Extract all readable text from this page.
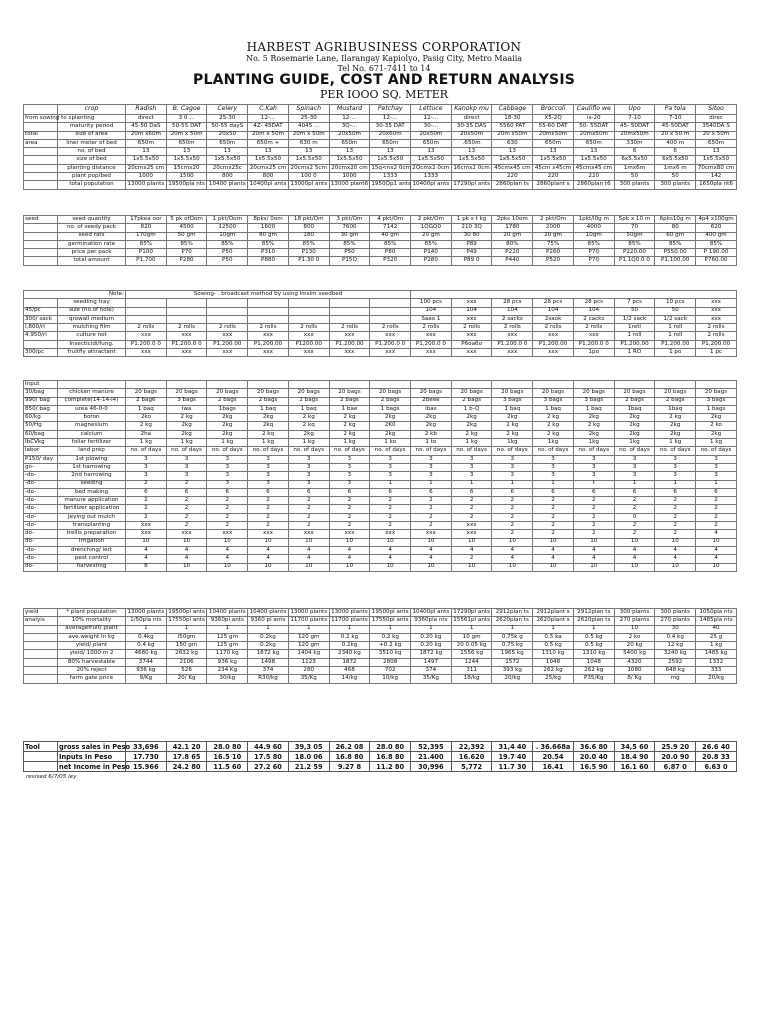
HARBEST AGRIBUSINESS CORPORATION
No. 5 Rosemarie Lane, Ilarangay Kapiolyo, Pasig City, Metro Maaiia
Tel No. 671-7411 to 14
PLANTING GUIDE, COST AND RETURN ANALYSIS
PER IOOO SQ. METER
	crop	Radish	B. Cagoe	Celery	C.Kah	Spinach	Mustard	Petchay	Lettuce	Kanokp mu	Cabbage	Broccoli	Cauliflo we	Upo	Pa tola	Sitoo
from sowing to splanting		direct	3 0 ...	25-30	12-...	25-30	12-...	12-...	12-...	direct	18-30	X5-2Q	is-20	7-10	7-10	direc
	maturity period	45-50 DaS	50-55 DAT	50-55 dayS	4Z- 45DAT	4045 ...	3Q-...	30-35 DAT	30-...	30-35 DAS	5560 PAT	55-60 DAT	50- 55DAT	45- 50DAT	45-50DAT	3540DA S
total	size of area	20m x60m	20m x 50m	20x50	20m x 50m	20m x 50m	20x50m	20x60m	20x50m	20x50m	20m x50m	20mx50m	20mx50m	20mx50m	20 x 50 m	20 x 50m
area	liner meter of bed	650m	650m	650m	650m +	630 m	650m	650m	650m	.650m	630	650m	650m	330m	400 m	650m
	no. of bed	13	13	13	13	13	13	13	13	13	13	13	13	6	6	13
	size of bed	1x5.5x50	1x5.5x50	1x5.5x50	1x5.5x50	1x5.5x50	1x5.5x50	1x5.5x50	1x5.5x50	1x5.5x50	1x5.5x50	1x5.5x50	1x5.5x50	6x5.5x50	6x5.5x50	1x5.5x50
	planting distance	20cmx25 cm	15cmx20	20cmx25c	20cmx25 cm	20cmx2 5cm	20cmx20 cm	15q<nx2 0cm	2Qcmx2 0cm	16cmx2 0cm	45cmx45 cm	45cm x45cm	45cmx45 cm	1mx6m	1mx6 m	70cmx80 cm
	plant pop/bed	1000	1500	800	800	100 0	1000	1333	1333		220	220	220	50	50	142
	total population	13000 plants	19500pla nts	10400 plants	10400pl ants	13000pl ants	13000 plant6	1950Qp1 ants	10400pl ants	17290pl ants	2860plan ts	2860plant s	2860plan t6	300 plants	300 plants	1650pla nt6
seed	seed quantity	17pkea oor	5 pk ofOom	1 pkt/Oom	8pks/ 0om	18 pkt/Om	3 pkt/Om	4 pkt/Om	2 pkt/Om	1 pk s t kg	2pks 10om	2 pkt/Om	1pkt/l0g m	5pk x 10 m	6pks10g m	4p4 x100gm
	no. of seedy pack	820	4500	12500	1600	800	7600	7142	1QGQ0	210 3Q	1780	2000	4000	70	80	620
	seed rats	170gm	50 gm	10gm	80 gm	180	30 gm	40 gm	20 gm	30 80	20 gm	20 gm	10gm	50gm	60 gm	400 gm
	germination rate	85%	85%	85%	85%	85%	85%	85%	85%	P89	80%	75%	85%	85%	85%	85%
	price per pack	P100	P70	P50	P310	P130	P50	P80	P140	P49	P220	P260	P70	P220.00	P550.00	P 190.00
	total amount	P1,700	P280	P50	P880	P1.30 0	P15Q	P320	P280	P89 0	P440	P520	P70	P1.1Q0.0 0	P1,100.00	P760.00
Note:		Sowing- . broadcast method by using lmslm seedbed														
	seedling tray								100 pcs	xxx	28 pcs	28 pcs	28 pcs	7 pcs	10 pcs	xxx
45/pc	size (no.of hole)								104	104	104	104	104	50	50	xxx
300/ sack	qrowall medium								Saao 1	xxx	2 sacks	2saok	2 cacks	1/2 sack	1/2 sack	xxx
I,800/rl	mulching film	2 rolls	2 rolls	2 rolls	2 rolls	2 rolls	2 rolls	2 rolls	2 rolls	2 rolls	2 rolls	2 rolls	2 rolls	1retl	1 roll	2 rolls
4,950/rl	culture not	xxx	xxx	xxx	xxx	xxx	xxx	xxx	xxx	xxx	xxx	xxx	xxx	1 roll	1 roll	2 rolls
	Insecticidi/fung.	P1.200.0 0	P1,200.0 0	P1,200.00	P1,200.00	P1200.00	P1,200.00	P1,200.0 0	P1,200.0 0	P6oa6o	P1,200.0 0	P1,200.00	P1,200.0 0	P1,200.00	P1,200.00	P1,200.00
300/pc	fruitfly attractant	xxx	xxx	xxx	xxx	xxx	xxx	xxx	xxx	xxx	xxx	xxx	1po	1 RO	1 po	1 pc
Input																
30/bag	chicken manure	20 bags	20 bags	20 bags	20 bags	20 bags	20 bags	20 bags	20 bags	20 bags	20 bags	20 bags	20 bags	20 bags	20 bags	20 bags
990/ bag	complete(14-14-l4)	2 bag6	3 bags	2 bags	2 bags	2 bags	2 bags	2 bags	2beee	2 bags	3 bags	3 bags	3 bags	2 bags	2 bags	3 bags
850/ bag	urea 46-0-0	1 baq	iwa	1bags	1 baq	1 baq	1 bae	1 bags	ibas	1 b-Q	1 baq	1 baq	1 baq	1baq	1baq	1 bags
60/kg	boron	2ko	2 kg	2kg	2kg	2 kg	2 kg	2kg	2kg	2kg	2kg	2 kg	2kg	2kg	2 kg	2kg
50/Hg	magnesium	2 kg	2kg	2kg	2kq	2 kq	2 kg	2K0	2kg	2kg	2 kg	2 kg	2 kg	2kg	2kg	2 ko
60/bag	calcium	2ha	2kg	2kg	2 kq	2kg	2 kg	2kg	2 kb	2 kg	2 kg	2 kg	2kg	2kg	2kg	2kg
IbCVkg	foliar fertilizer	1 kg	1 kg	1 kg	1 kg	1 kg	1 kg	1 ko	1 to	1 kg	1kg	1kg	1kg	1kg	1 kg	1 kg
labor	land prep	no. of days	no. of days	no. of days	no. of days	no. of days	no. of days	no. of days	no. of days	no. of days	no. of days	no. of days	no. of days	no. of days	no. of days	no. of days
P150/ day	1st plowing	3	3	3	3	3	3	3	3	3	3	3	3	3	3	3
go-	1st harrowing	3	3	3	3	3	3	3	3	3	3	3	3	3	3	3
-do-	2nd harrowing	3	3	3	3	3	3	3	3	3	3	3	3	3	3	3
-do-	seeding	2	2	3	3	3	3	1	1	1	1	1	t	1	1	1
-do-	bed making	6	6	6	6	6	6	6	6	6	6	6	6	6	6	6
-do-	manure application	2	2	2	2	2	2	2	2	2	2	2	2	2	2	2
-do-	fertilizer application	2	2	2	2	2	2	2	2	2	2	2	2	2	2	2
-do-	Jeying out mulch	2	2	2	2	2	2	2	2	2	2	2	2	0	2	2
-do-	transplanting	xxx	2	2	2	2	2	2	2	xxx	2	2	2	2	2	2
do-	trellis preparation	xxx	xxx	xxx	xxx	xxx	xxx	xxx	xxx	xxx	2	2	2	2	2	4
do-	Irrigation	10	10	10	10	10	10	10	10	10	10	10	10	10	10	10
-do-	drenching/ lert	4	4	4	4	4	4	4	4	4	4	4	4	4	4	4
-do-	pest control	4	4	4	4	4	4	4	4	2	4	4	4	4	4	4
do-	harvesting	8	10	10	10	10	10	10	10	10	10	10	10	10	10	10
yield	* plant population	13000 plants	19500pl ants	10400 plants	10400 plants	13000 plants	13000 plants	19500pl ants	10400pl ants	17290pl ants	2912plan ts	2912plant s	2912plan ts	300 plants	300 plants	1050pla nts
analyis	10% mortality	1/50pla nts	17550pl ants	9360pl ants	9360 pl ants	11700 plants	11700 plants	17550pl ants	9360pla nts	15561pl ants	2620plan ts	2620plant s	2620plan ts	270 plants	270 plants	1485pla nts
	averagefruit/ plant	1	1	1	1	1	1	1	1	1	1	1	1	10	30	40
	ave.weight ln kg	0.4kg	l50gm	125 gm	0.2kg	120 gm	0.2 kg	0.2 kg	0.20 kg	10 gm	0.75k g	0.5 ka	0.5 kg	2 ko	0.4 kg	25 g
	yield/ plant	0.4 kg	150 gm	125 gm	0.2kg	120 gm	0.2kg	+0.2 kg	0.20 kg	20 0.05 kg	0.75 kg	0.5 kg	0.5 kg	20 kg	12 kg	1 kg
	yield/ 1000 m 2	4680 kg	2632 kg	1170 kg	1872 kg	1404 kg	2340 kg	3510 kg	1872 kg	1556 kg	1965 kg	1310 kg	1310 kg	5400 kg	3240 kg	1485 kg
	80% harvestable	3744	2106	936 kg	1498	1123	1872	2808	1497	1244	1572	1048	1048	4320	2592	1332
	20% reject	936 kg	526	234 Kg	374	280	468	702	374	311	393 kg	262 kg	262 kg	1080	648 kg	333
	farm gate price	9/Kg	20/ Kg	30/kg	R30/kg	35/Kg	14/kg	10/kg	35/Kg	18/kg	20/kg	25/kg	P35/Kg	8/ Kg	mg	20/kg
Tool	gross sales in Peso	33,696	42.1 20	28.0 80	44.9 60	39,3 05	26.2 08	28.0 80	52,395	22,392	31,4 40	. 36.668a	36.6 80	34,5 60	25.9 20	26.6 40
	Inputs In Peso	17.730	17.8 65	16.5 10	17.5 80	18.0 06	16.8 80	16.8 80	21.400	16.620	19.7 40	20.54	20.0 40	18.4 90	20.0 90	20.8 33
	net Income in Peso	15.966	24.2 80	11.5 60	27.2 60	21.2 59	9.27 8	11.2 80	30,996	5,772	11.7 30	16.41	16.5 90	16.1 60	6.87 0	6.63 0
revised 6/7/05 ley
